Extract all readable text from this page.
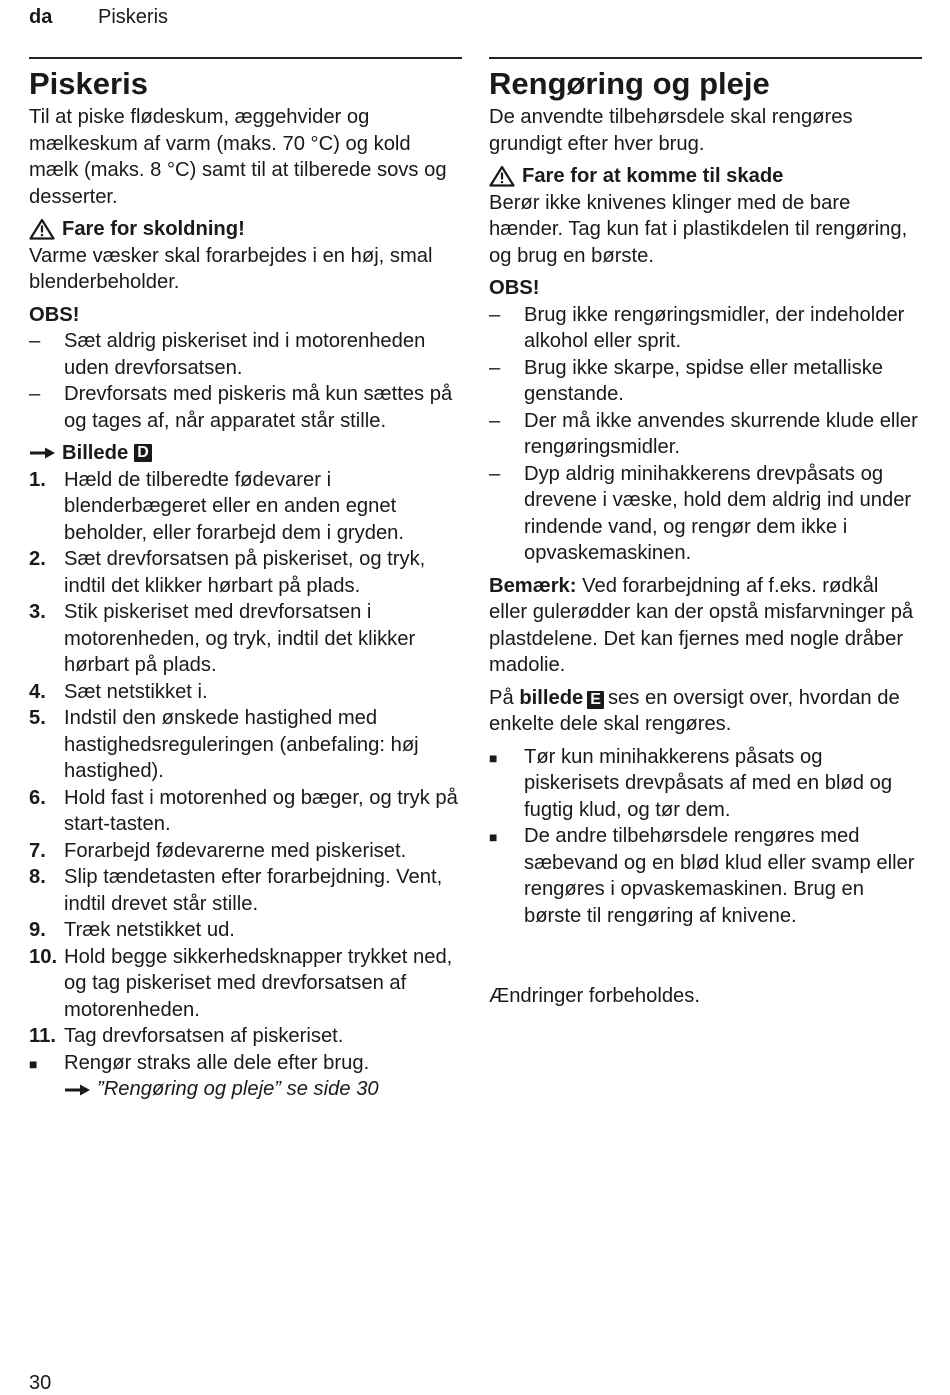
da Piskeris
Piskeris

Til at piske flødeskum, æggehvider og mælkeskum af varm (maks. 70 °C) og kold mælk (maks. 8 °C) samt til at tilberede sovs og desserter.

Fare for skoldning!

Varme væsker skal forarbejdes i en høj, smal blenderbeholder.

OBS!
– Sæt aldrig piskeriset ind i motorenheden uden drevforsatsen.
– Drevforsats med piskeris må kun sættes på og tages af, når apparatet står stille.
Billede D
1. Hæld de tilberedte fødevarer i blenderbægeret eller en anden egnet beholder, eller forarbejd dem i gryden.
2. Sæt drevforsatsen på piskeriset, og tryk, indtil det klikker hørbart på plads.
3. Stik piskeriset med drevforsatsen i motorenheden, og tryk, indtil det klikker hørbart på plads.
4. Sæt netstikket i.
5. Indstil den ønskede hastighed med hastighedsreguleringen (anbefaling: høj hastighed).
6. Hold fast i motorenhed og bæger, og tryk på start-tasten.
7. Forarbejd fødevarerne med piskeriset.
8. Slip tændetasten efter forarbejdning. Vent, indtil drevet står stille.
9. Træk netstikket ud.
10. Hold begge sikkerhedsknapper trykket ned, og tag piskeriset med drevforsatsen af motorenheden.
11. Tag drevforsatsen af piskeriset.
■ Rengør straks alle dele efter brug.
”Rengøring og pleje” se side 30
Rengøring og pleje

De anvendte tilbehørsdele skal rengøres grundigt efter hver brug.

Fare for at komme til skade

Berør ikke knivenes klinger med de bare hænder. Tag kun fat i plastikdelen til rengøring, og brug en børste.

OBS!
– Brug ikke rengøringsmidler, der indeholder alkohol eller sprit.
– Brug ikke skarpe, spidse eller metalliske genstande.
– Der må ikke anvendes skurrende klude eller rengøringsmidler.
– Dyp aldrig minihakkerens drevpåsats og drevene i væske, hold dem aldrig ind under rindende vand, og rengør dem ikke i opvaskemaskinen.

Bemærk: Ved forarbejdning af f.eks. rødkål eller gulerødder kan der opstå misfarvninger på plastdelene. Det kan fjernes med nogle dråber madolie.

På billede E ses en oversigt over, hvordan de enkelte dele skal rengøres.

■ Tør kun minihakkerens påsats og piskerisets drevpåsats af med en blød og fugtig klud, og tør dem.
■ De andre tilbehørsdele rengøres med sæbevand og en blød klud eller svamp eller rengøres i opvaskemaskinen. Brug en børste til rengøring af knivene.

Ændringer forbeholdes.

30
